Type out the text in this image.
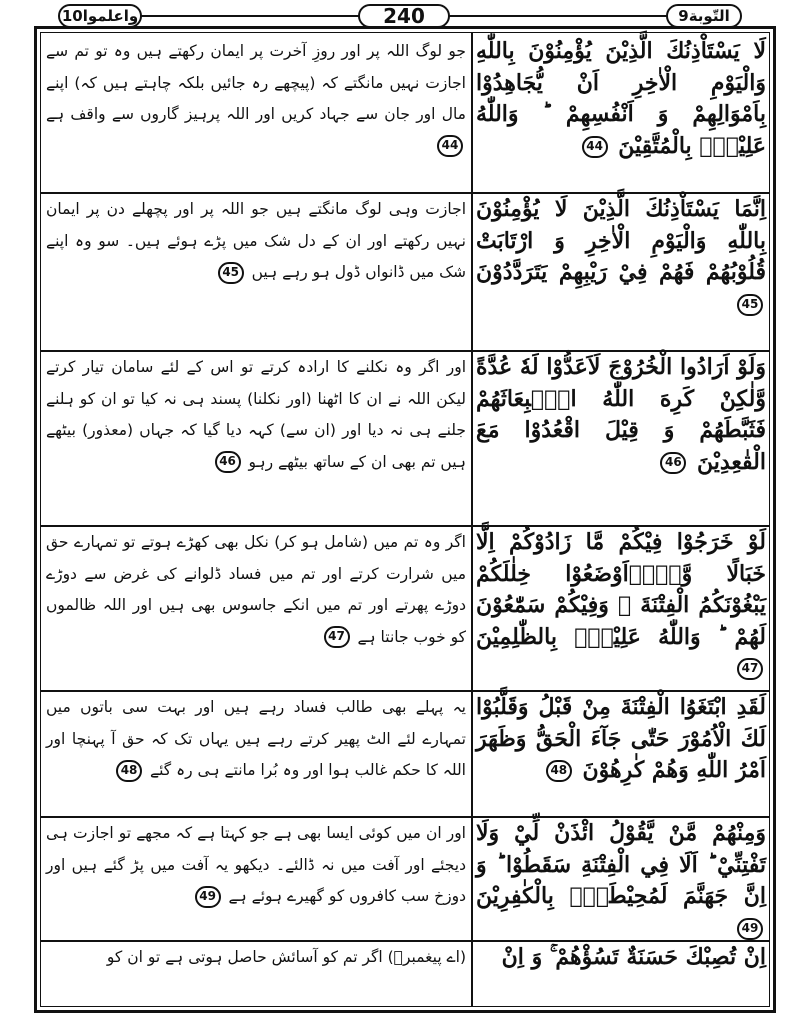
واعلموا10	240	التّوبة9
لَا يَسْتَاْذِنُكَ الَّذِيْنَ يُؤْمِنُوْنَ بِاللّٰهِ وَالْيَوْمِ الْاٰخِرِ اَنْ يُّجَاهِدُوْا بِاَمْوَالِهِمْ وَ اَنْفُسِهِمْ ؕ وَاللّٰهُ عَلِيْمٌۢ بِالْمُتَّقِيْنَ 44
اِنَّمَا يَسْتَاْذِنُكَ الَّذِيْنَ لَا يُؤْمِنُوْنَ بِاللّٰهِ وَالْيَوْمِ الْاٰخِرِ وَ ارْتَابَتْ قُلُوْبُهُمْ فَهُمْ فِيْ رَيْبِهِمْ يَتَرَدَّدُوْنَ 45
وَلَوْ اَرَادُوا الْخُرُوْجَ لَاَعَدُّوْا لَهٗ عُدَّةً وَّلٰكِنْ كَرِهَ اللّٰهُ انْۢبِعَاثَهُمْ فَثَبَّطَهُمْ وَ قِيْلَ اقْعُدُوْا مَعَ الْقٰعِدِيْنَ 46
لَوْ خَرَجُوْا فِيْكُمْ مَّا زَادُوْكُمْ اِلَّا خَبَالًا وَّلَاۡاَوْضَعُوْا خِلٰلَكُمْ يَبْغُوْنَكُمُ الْفِتْنَةَ ۚ وَفِيْكُمْ سَمّٰعُوْنَ لَهُمْ ؕ وَاللّٰهُ عَلِيْمٌۢ بِالظّٰلِمِيْنَ 47
لَقَدِ ابْتَغَوُا الْفِتْنَةَ مِنْ قَبْلُ وَقَلَّبُوْا لَكَ الْاُمُوْرَ حَتّٰى جَآءَ الْحَقُّ وَظَهَرَ اَمْرُ اللّٰهِ وَهُمْ كٰرِهُوْنَ 48
وَمِنْهُمْ مَّنْ يَّقُوْلُ ائْذَنْ لِّيْ وَلَا تَفْتِنِّيْ ؕ اَلَا فِي الْفِتْنَةِ سَقَطُوْا ؕ وَ اِنَّ جَهَنَّمَ لَمُحِيْطَةٌۢ بِالْكٰفِرِيْنَ 49
اِنْ تُصِبْكَ حَسَنَةٌ تَسُؤْهُمْ ۚ وَ اِنْ
جو لوگ اللہ پر اور روزِ آخرت پر ایمان رکھتے ہیں وہ تو تم سے اجازت نہیں مانگتے کہ (پیچھے رہ جائیں بلکہ چاہتے ہیں کہ) اپنے مال اور جان سے جہاد کریں اور اللہ پرہیز گاروں سے واقف ہے 44
اجازت وہی لوگ مانگتے ہیں جو اللہ پر اور پچھلے دن پر ایمان نہیں رکھتے اور ان کے دل شک میں پڑے ہوئے ہیں۔ سو وہ اپنے شک میں ڈانواں ڈول ہو رہے ہیں 45
اور اگر وہ نکلنے کا ارادہ کرتے تو اس کے لئے سامان تیار کرتے لیکن اللہ نے ان کا اٹھنا (اور نکلنا) پسند ہی نہ کیا تو ان کو ہلنے جلنے ہی نہ دیا اور (ان سے) کہہ دیا گیا کہ جہاں (معذور) بیٹھے ہیں تم بھی ان کے ساتھ بیٹھے رہو 46
اگر وہ تم میں (شامل ہو کر) نکل بھی کھڑے ہوتے تو تمہارے حق میں شرارت کرتے اور تم میں فساد ڈلوانے کی غرض سے دوڑے دوڑے پھرتے اور تم میں انکے جاسوس بھی ہیں اور اللہ ظالموں کو خوب جانتا ہے 47
یہ پہلے بھی طالب فساد رہے ہیں اور بہت سی باتوں میں تمہارے لئے الٹ پھیر کرتے رہے ہیں یہاں تک کہ حق آ پہنچا اور اللہ کا حکم غالب ہوا اور وہ بُرا مانتے ہی رہ گئے 48
اور ان میں کوئی ایسا بھی ہے جو کہتا ہے کہ مجھے تو اجازت ہی دیجئے اور آفت میں نہ ڈالئے۔ دیکھو یہ آفت میں پڑ گئے ہیں اور دوزخ سب کافروں کو گھیرے ہوئے ہے 49
(اے پیغمبرؐ) اگر تم کو آسائش حاصل ہوتی ہے تو ان کو
